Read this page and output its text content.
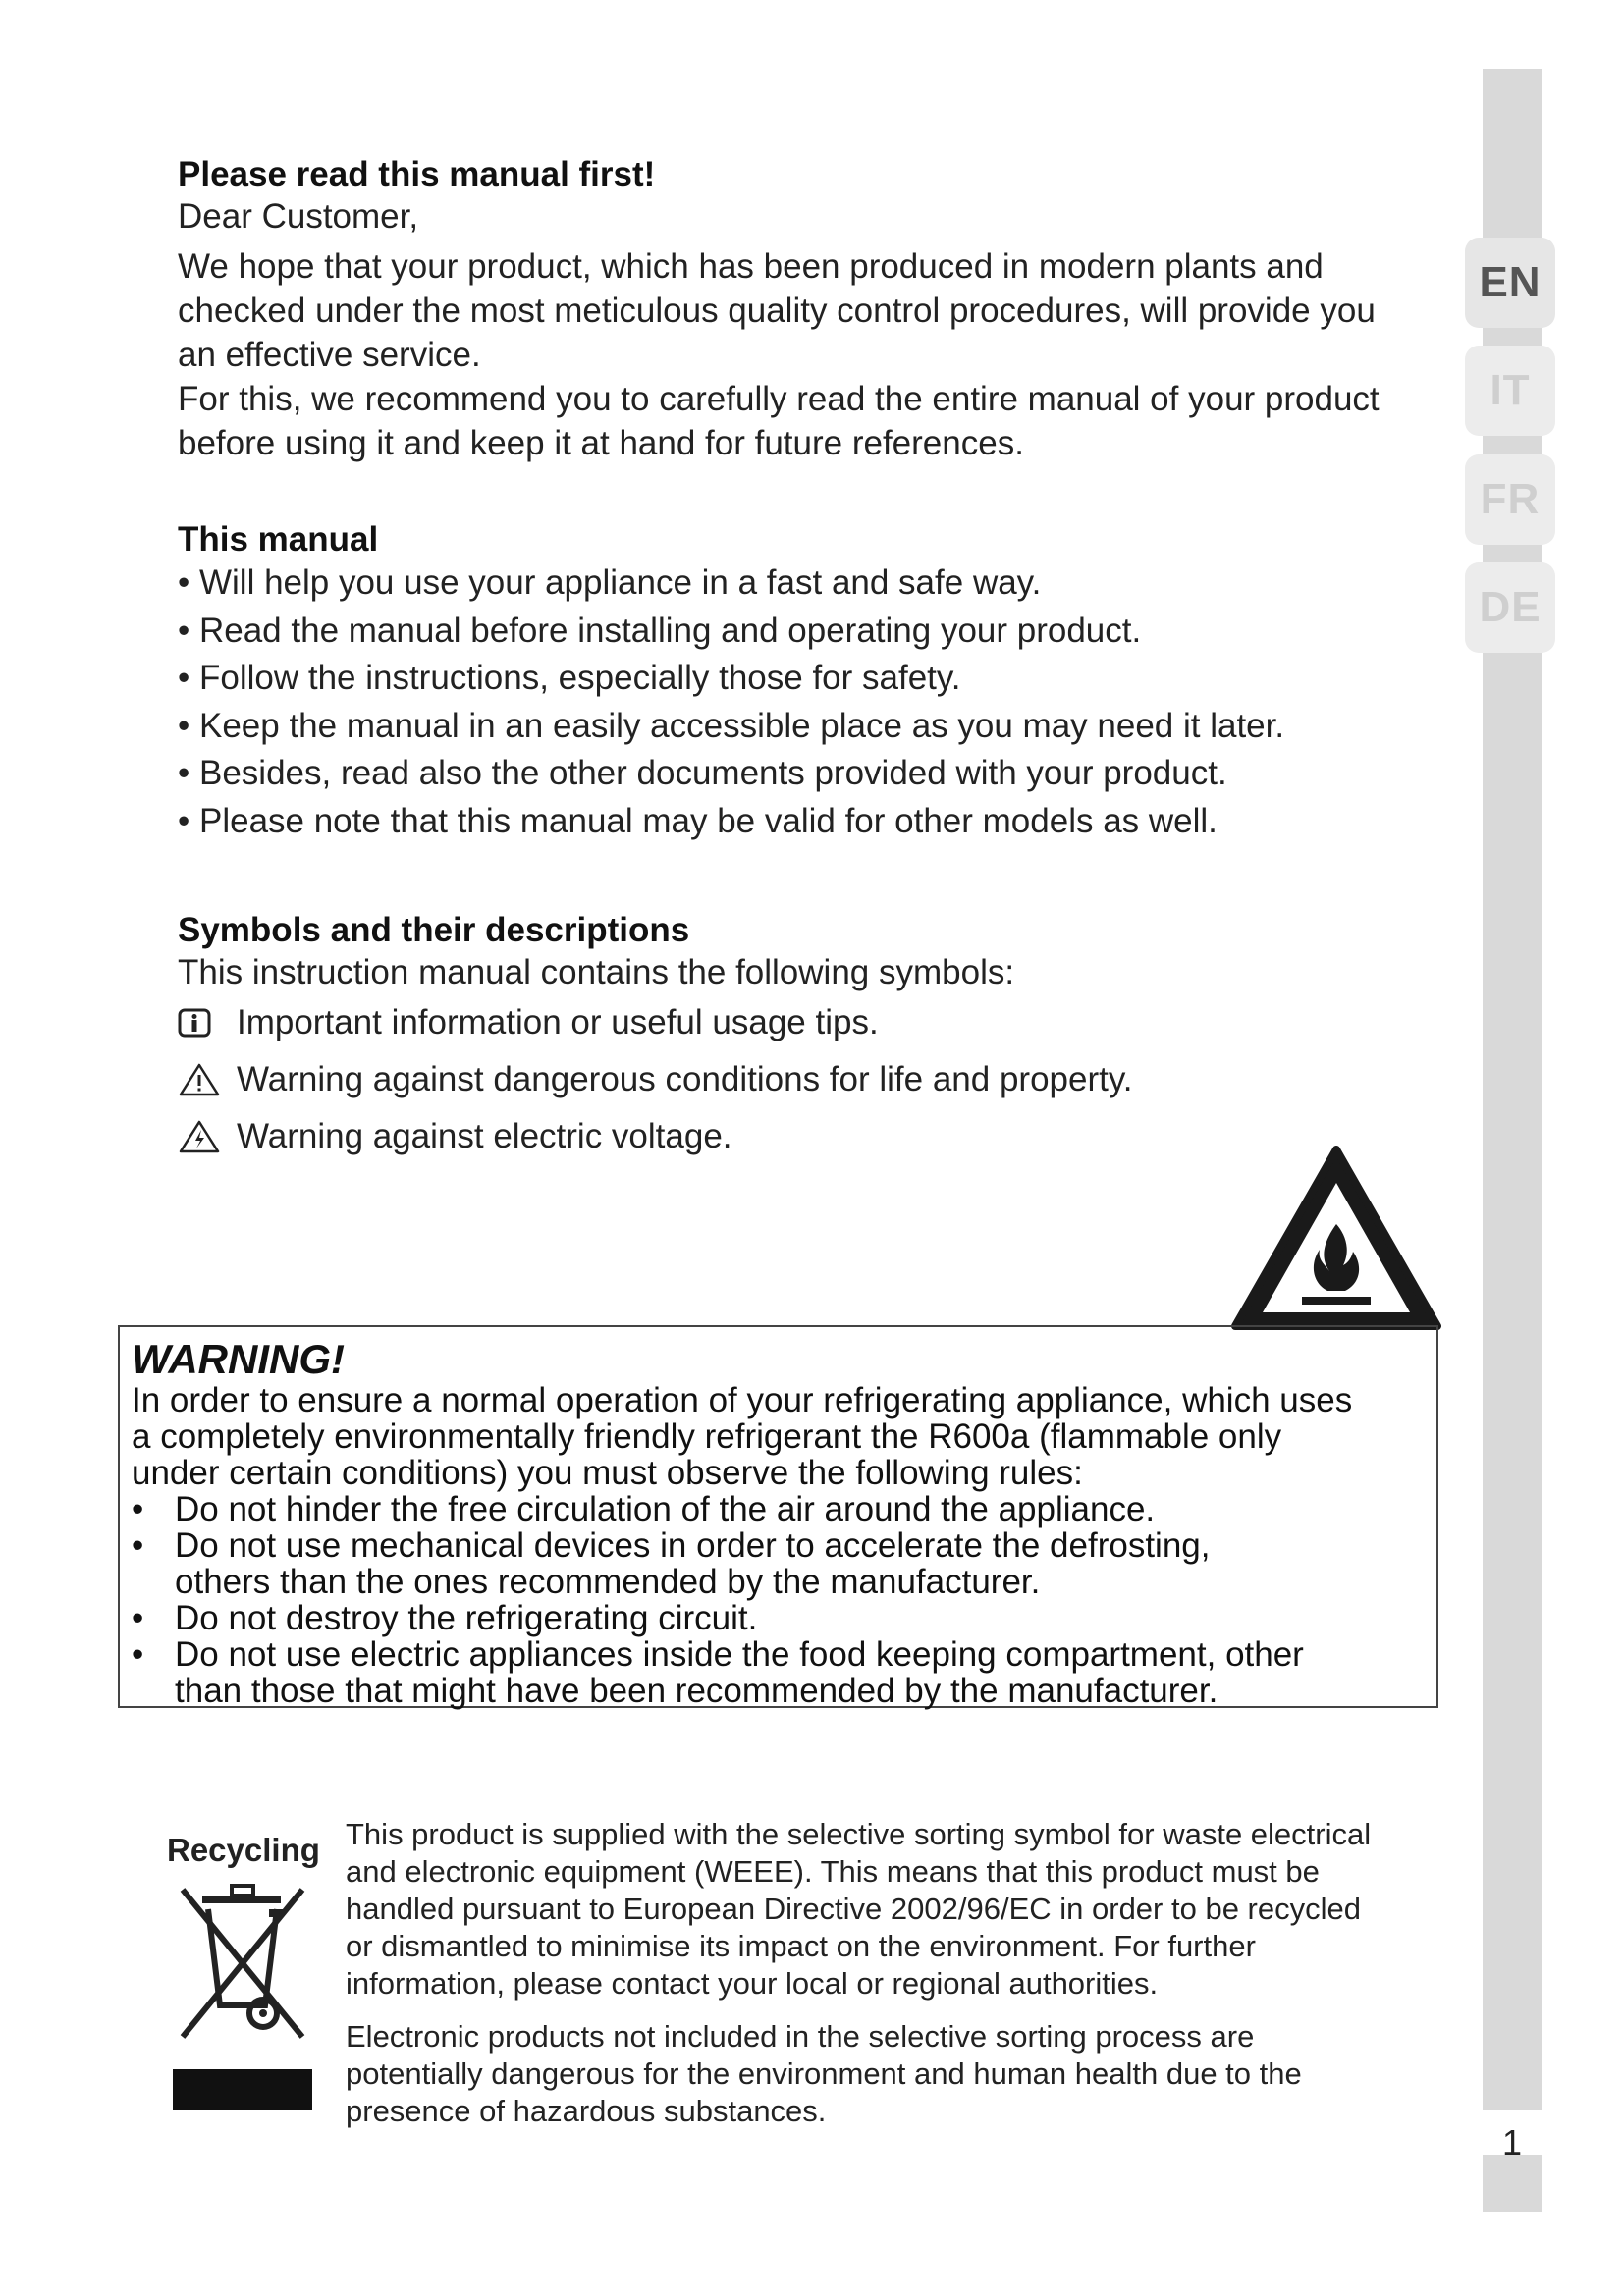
EN
IT
FR
DE
1
Please read this manual first!
Dear Customer,
We hope that your product, which has been produced in modern plants and
checked under the most meticulous quality control procedures, will provide you
an effective service.
For this, we recommend you to carefully read the entire manual of your product
before using it and keep it at hand for future references.
This manual
• Will help you use your appliance in a fast and safe way.
• Read the manual before installing and operating your product.
• Follow the instructions, especially those for safety.
• Keep the manual in an easily accessible place as you may need it later.
• Besides, read also the other documents provided with your product.
• Please note that this manual may be valid for other models as well.
Symbols and their descriptions
This instruction manual contains the following symbols:
Important information or useful usage tips.
Warning against dangerous conditions for life and property.
Warning against electric voltage.
WARNING!
In order to ensure a normal operation of your refrigerating appliance, which uses
a completely environmentally friendly refrigerant the R600a (flammable only
under certain conditions) you must observe the following rules:
• Do not hinder the free circulation of the air around the appliance.
• Do not use mechanical devices in order to accelerate the defrosting,
others than the ones recommended by the manufacturer.
• Do not destroy the refrigerating circuit.
• Do not use electric appliances inside the food keeping compartment, other
than those that might have been recommended by the manufacturer.
Recycling This product is supplied with the selective sorting symbol for waste electrical
and electronic equipment (WEEE). This means that this product must be
handled pursuant to European Directive 2002/96/EC in order to be recycled
or dismantled to minimise its impact on the environment. For further
information, please contact your local or regional authorities.
Electronic products not included in the selective sorting process are
potentially dangerous for the environment and human health due to the
presence of hazardous substances.
